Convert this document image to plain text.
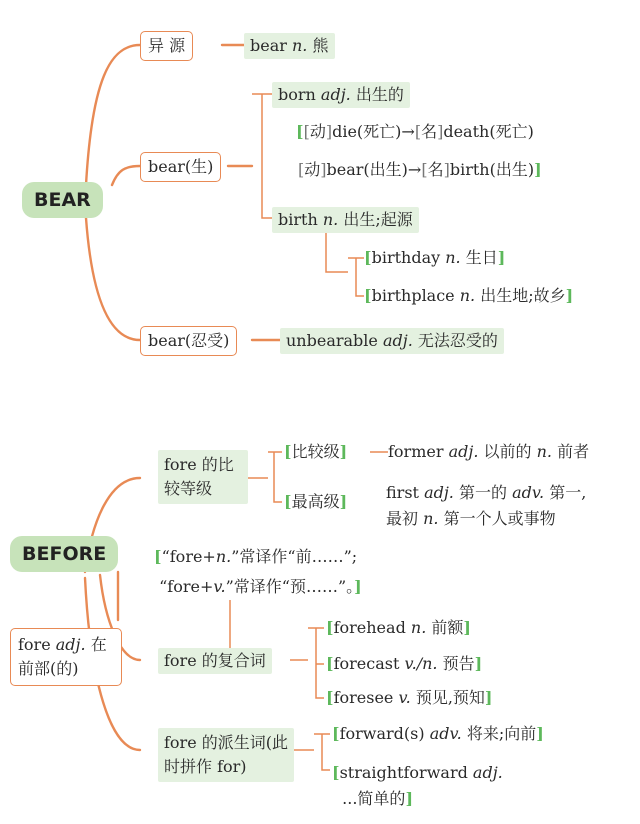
BEAR
异 源	bear n. 熊
bear(生)
born adj. 出生的
[[动]die(死亡)→[名]death(死亡)
[动]bear(出生)→[名]birth(出生)]
birth n. 出生;起源
[birthday n. 生日]
[birthplace n. 出生地;故乡]
bear(忍受)	unbearable adj. 无法忍受的
BEFORE
fore adj. 在前部(的)
fore 的比较等级
[比较级]	former adj. 以前的 n. 前者
[最高级] first adj. 第一的 adv. 第一,
最初 n. 第一个人或事物
[“fore+n.”常译作“前……”;
“fore+v.”常译作“预……”。]
fore 的复合词
[forehead n. 前额]
[forecast v./n. 预告]
[foresee v. 预见,预知]
fore 的派生词(此时拼作 for)
[forward(s) adv. 将来;向前]
[straightforward adj.
...简单的]
